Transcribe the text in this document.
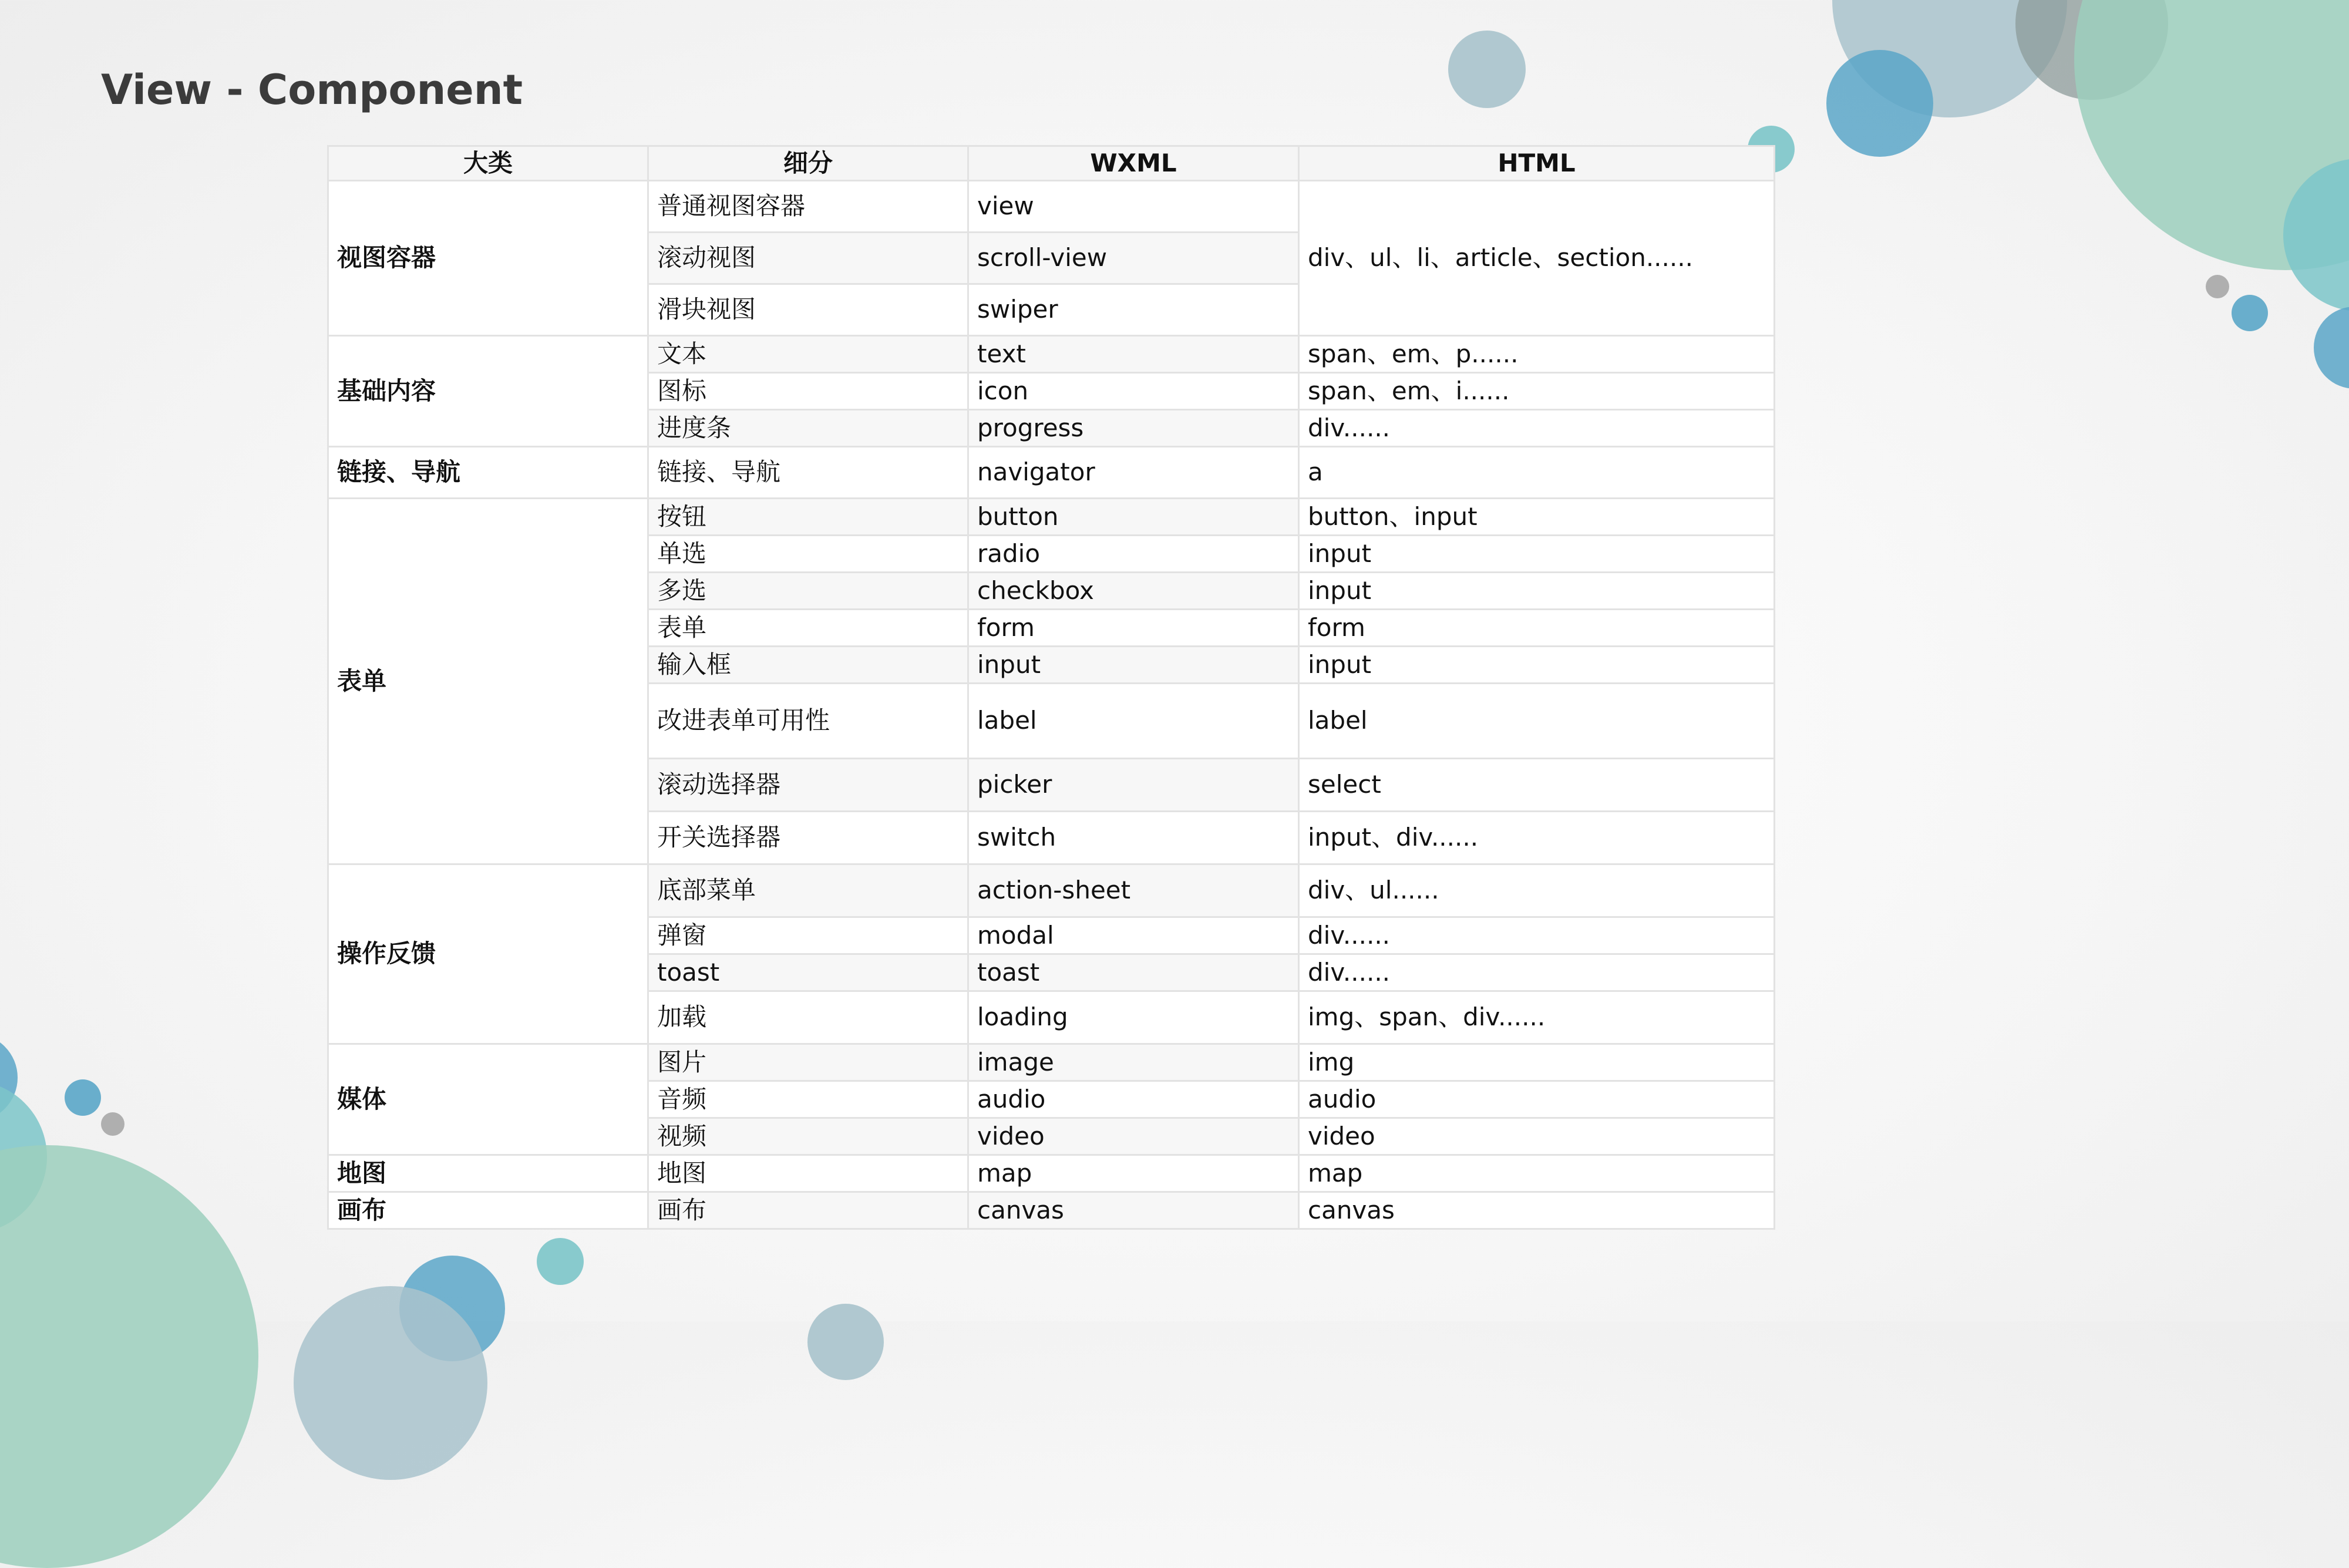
View - Component
大类	细分	WXML	HTML
视图容器	普通视图容器	view	div、ul、li、article、section......
	滚动视图	scroll-view	
	滑块视图	swiper	
基础内容	文本	text	span、em、p......
	图标	icon	span、em、i......
	进度条	progress	div......
链接、导航	链接、导航	navigator	a
表单	按钮	button	button、input
	单选	radio	input
	多选	checkbox	input
	表单	form	form
	输入框	input	input
	改进表单可用性	label	label
	滚动选择器	picker	select
	开关选择器	switch	input、div......
操作反馈	底部菜单	action-sheet	div、ul......
	弹窗	modal	div......
	toast	toast	div......
	加载	loading	img、span、div......
媒体	图片	image	img
	音频	audio	audio
	视频	video	video
地图	地图	map	map
画布	画布	canvas	canvas
